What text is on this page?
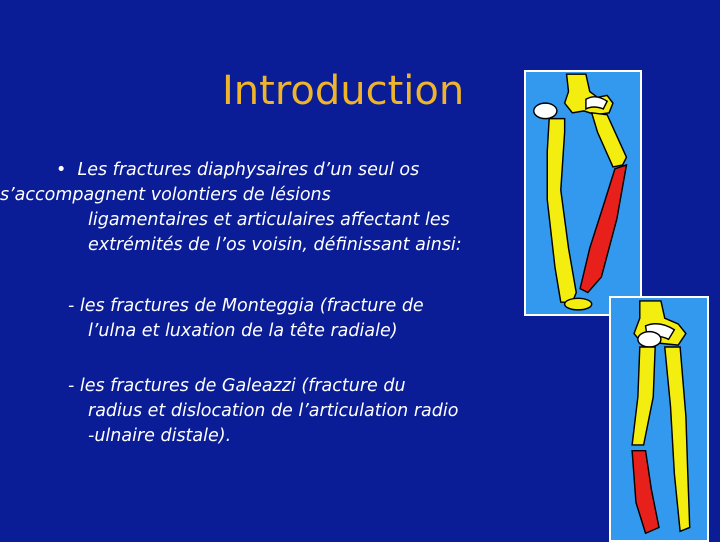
Introduction

• Les fractures diaphysaires d’un seul os
s’accompagnent volontiers de lésions
ligamentaires et articulaires affectant les
extrémités de l’os voisin, définissant ainsi:

- les fractures de Monteggia (fracture de
l’ulna et luxation de la tête radiale)

- les fractures de Galeazzi (fracture du
radius et dislocation de l’articulation radio
-ulnaire distale).
